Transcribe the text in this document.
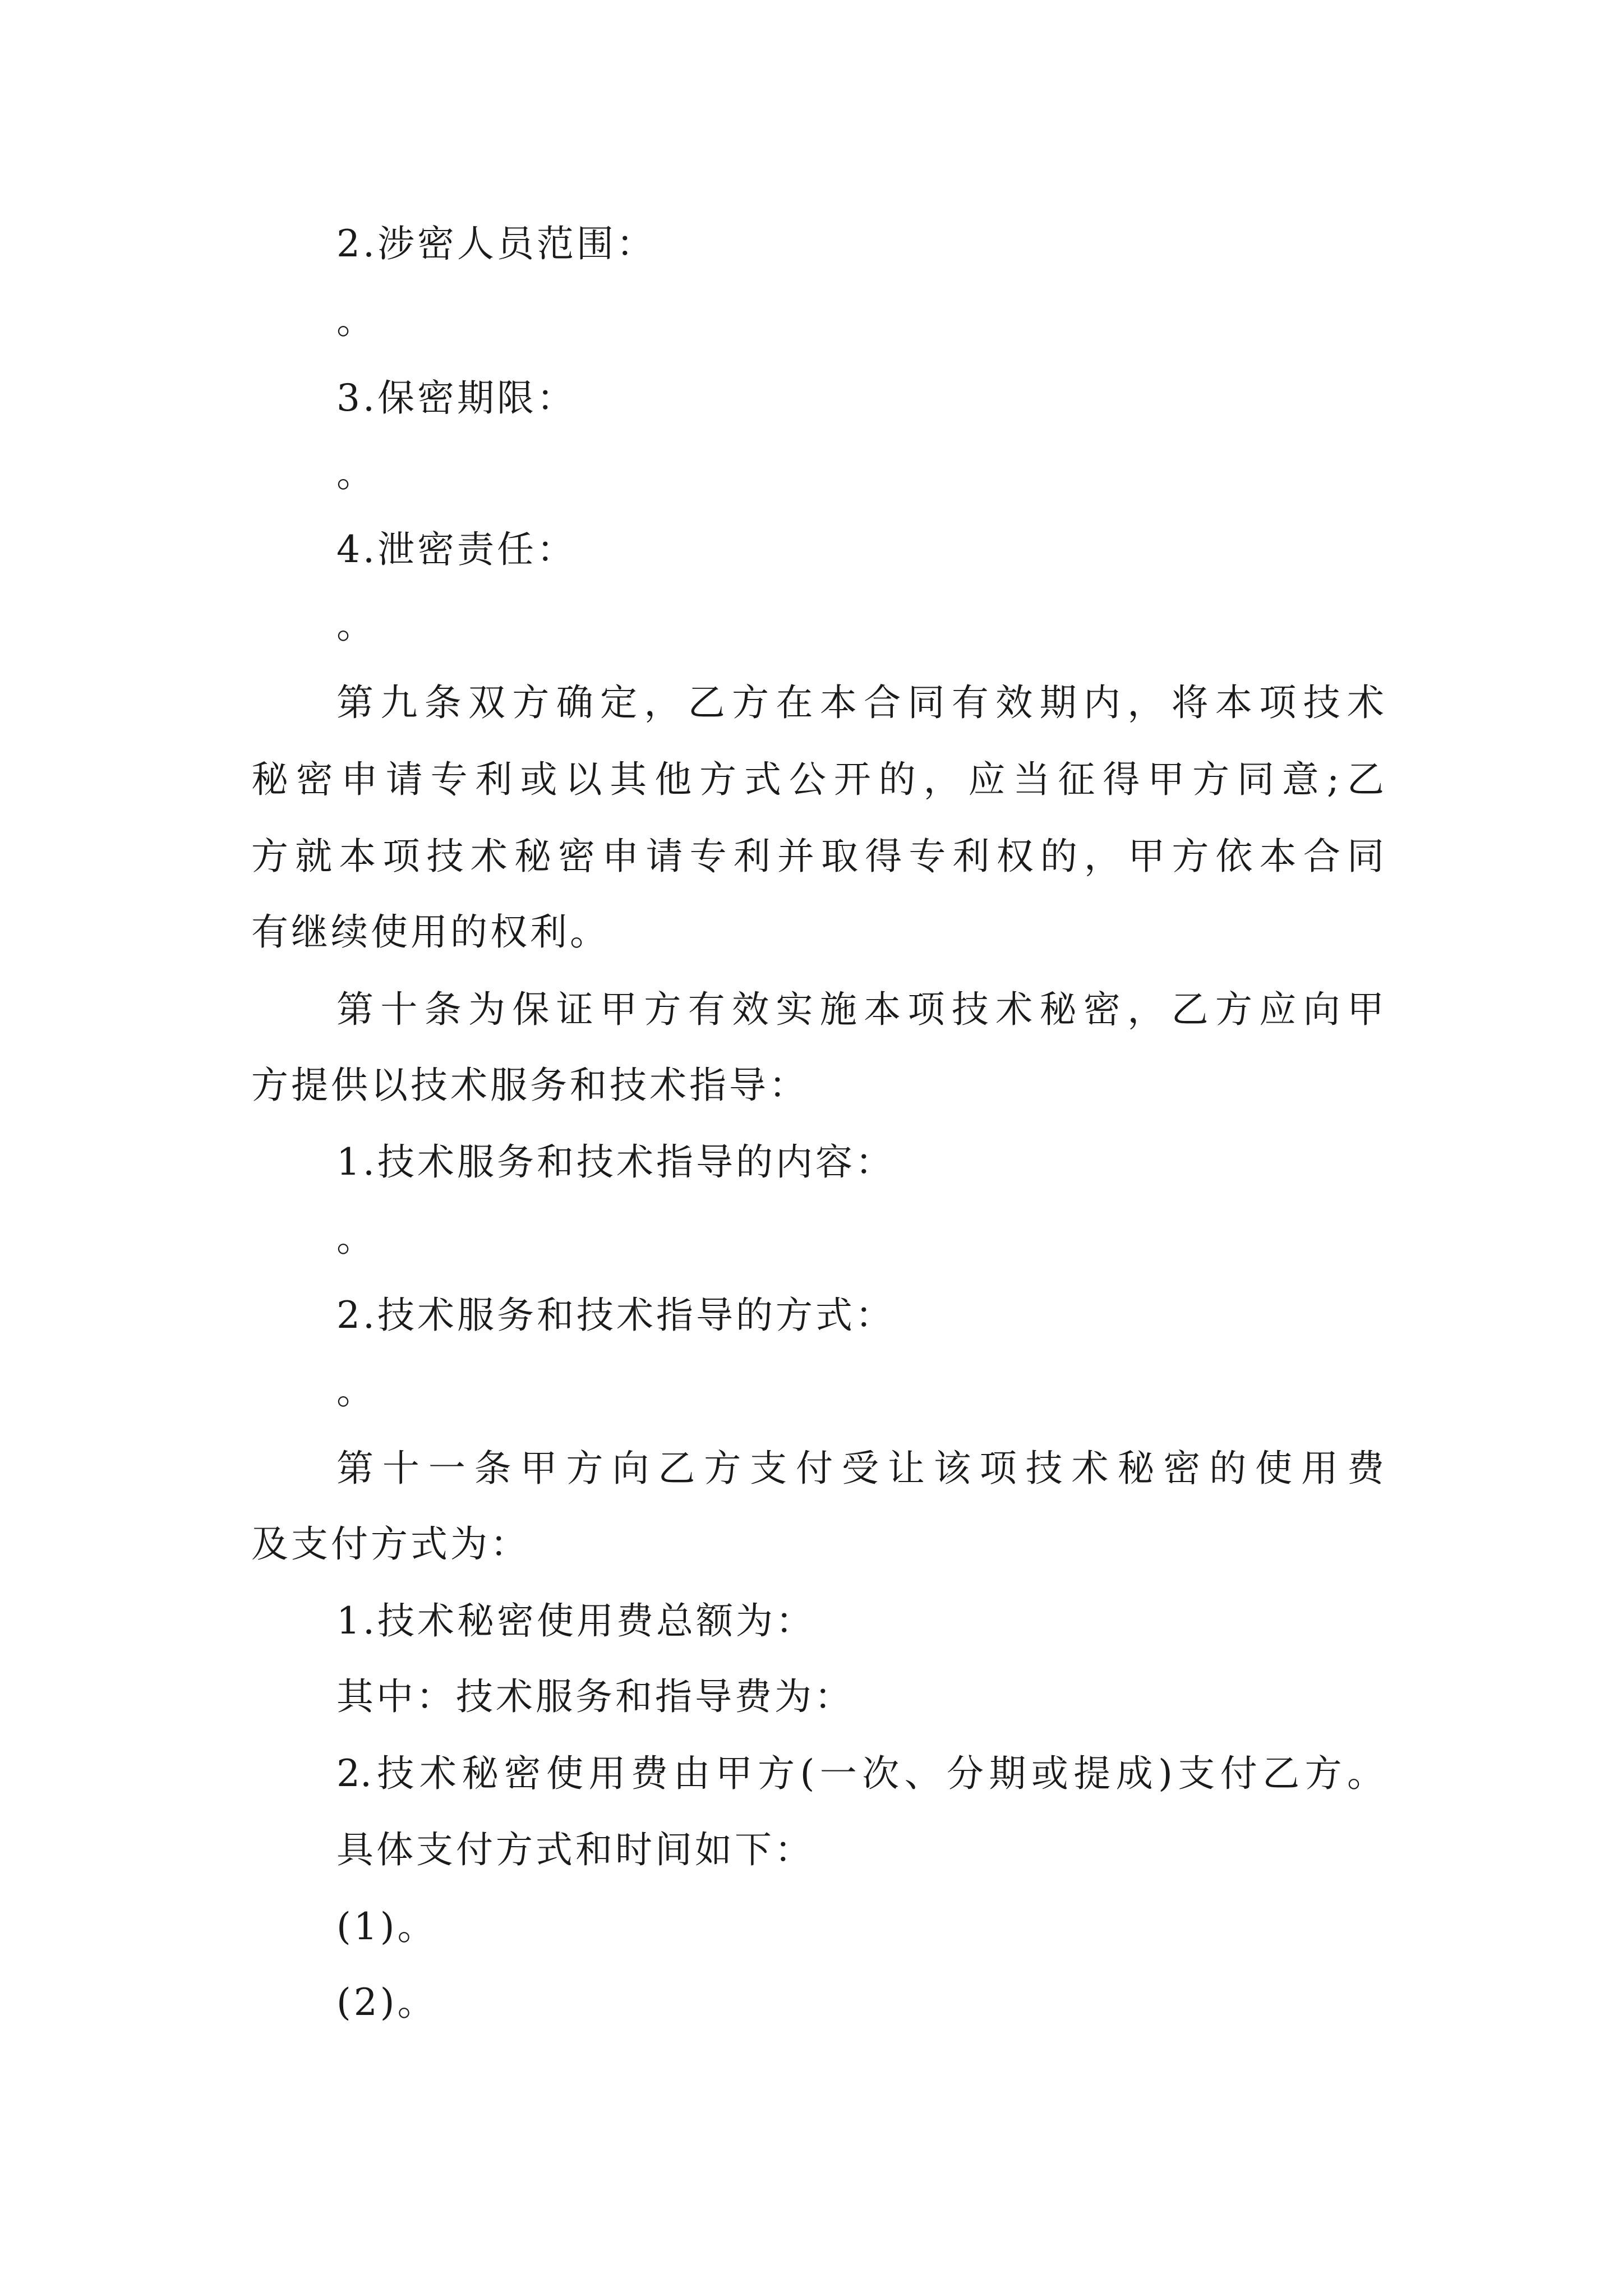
2.涉密人员范围：
。
3.保密期限：
。
4.泄密责任：
。
第九条双方确定，乙方在本合同有效期内，将本项技术
秘密申请专利或以其他方式公开的，应当征得甲方同意;乙
方就本项技术秘密申请专利并取得专利权的，甲方依本合同
有继续使用的权利。
第十条为保证甲方有效实施本项技术秘密，乙方应向甲
方提供以技术服务和技术指导：
1.技术服务和技术指导的内容：
。
2.技术服务和技术指导的方式：
。
第十一条甲方向乙方支付受让该项技术秘密的使用费
及支付方式为：
1.技术秘密使用费总额为：
其中：技术服务和指导费为：
2.技术秘密使用费由甲方(一次、分期或提成)支付乙方。
具体支付方式和时间如下：
(1)。
(2)。
